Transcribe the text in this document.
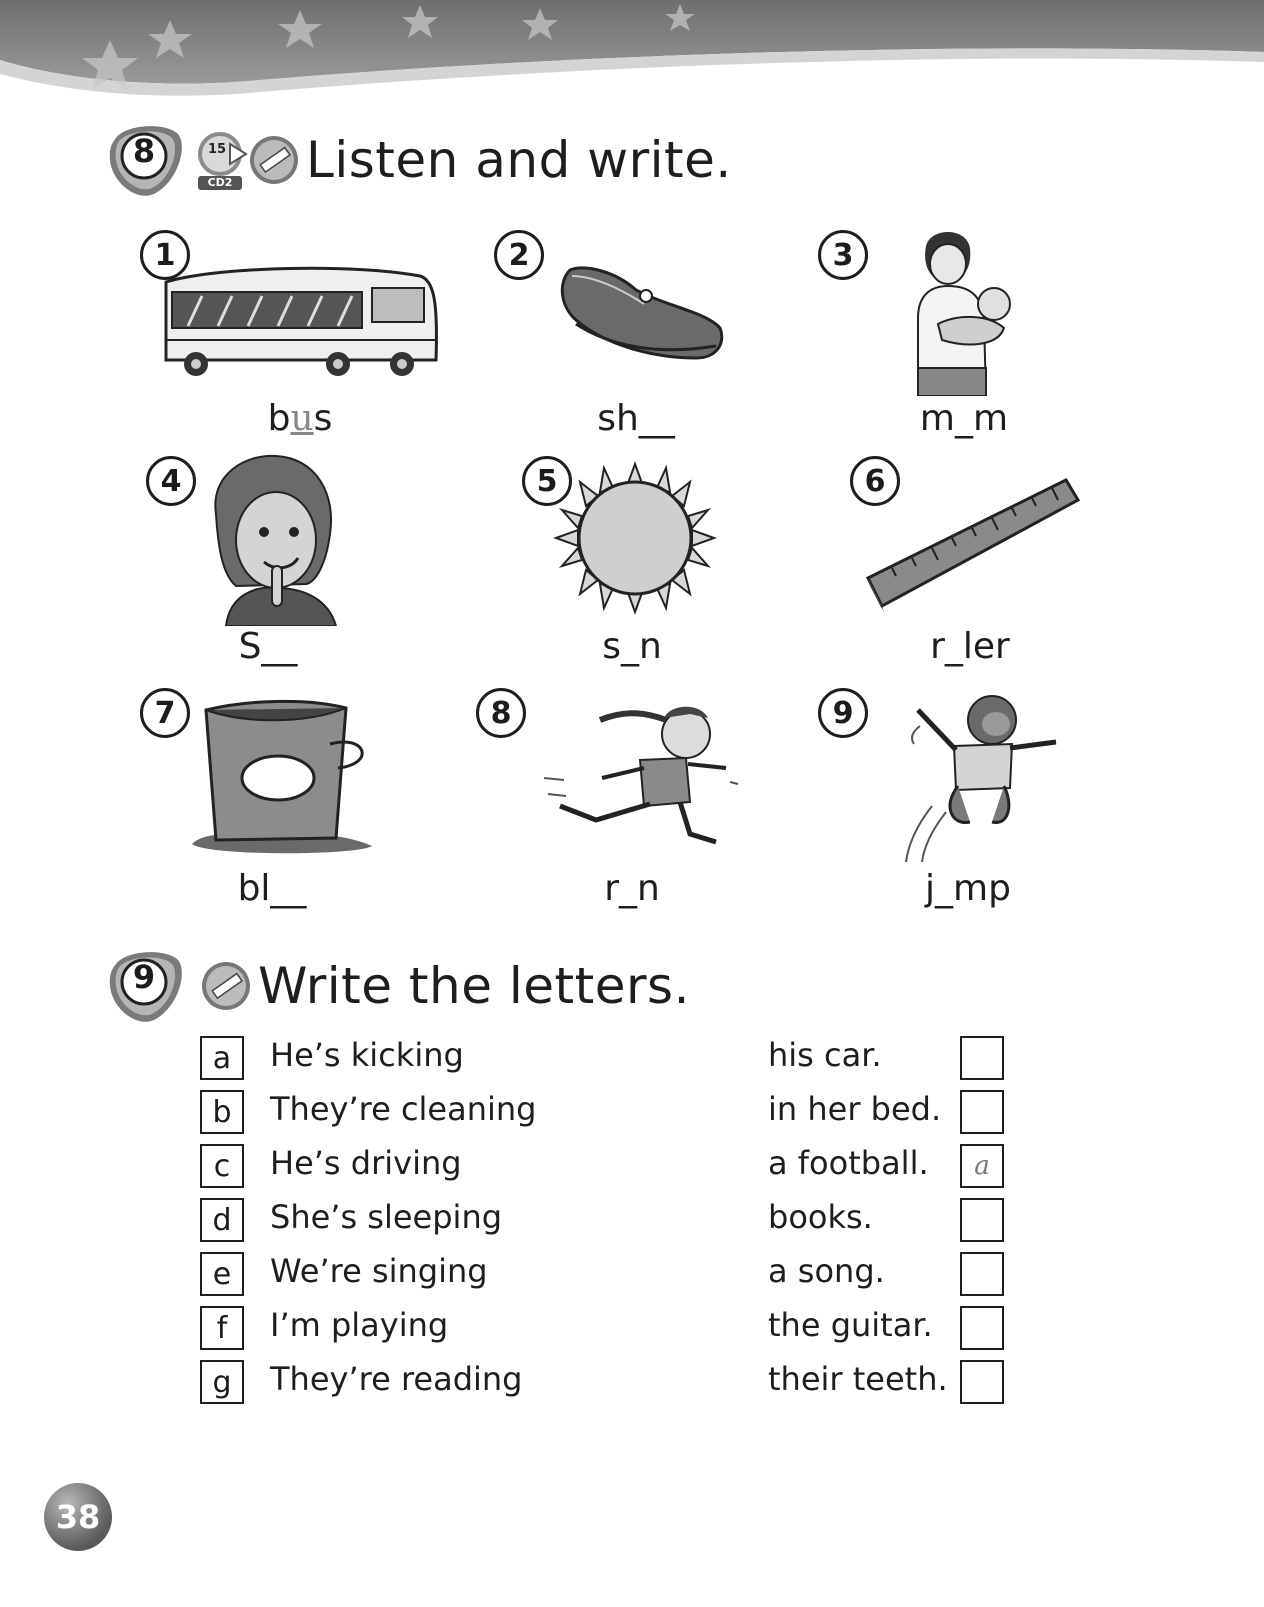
8	15
CD2 Listen and write.
1
bus
2
sh__
3
m_m
4
S__
5
s_n
6
r_ler
7
bl__
8
r_n
9
j_mp
9 Write the letters.
a	He’s kicking	his car.
b	They’re cleaning	in her bed.
c	He’s driving	a football.	a
d	She’s sleeping	books.
e	We’re singing	a song.
f	I’m playing	the guitar.
g	They’re reading	their teeth.
38
